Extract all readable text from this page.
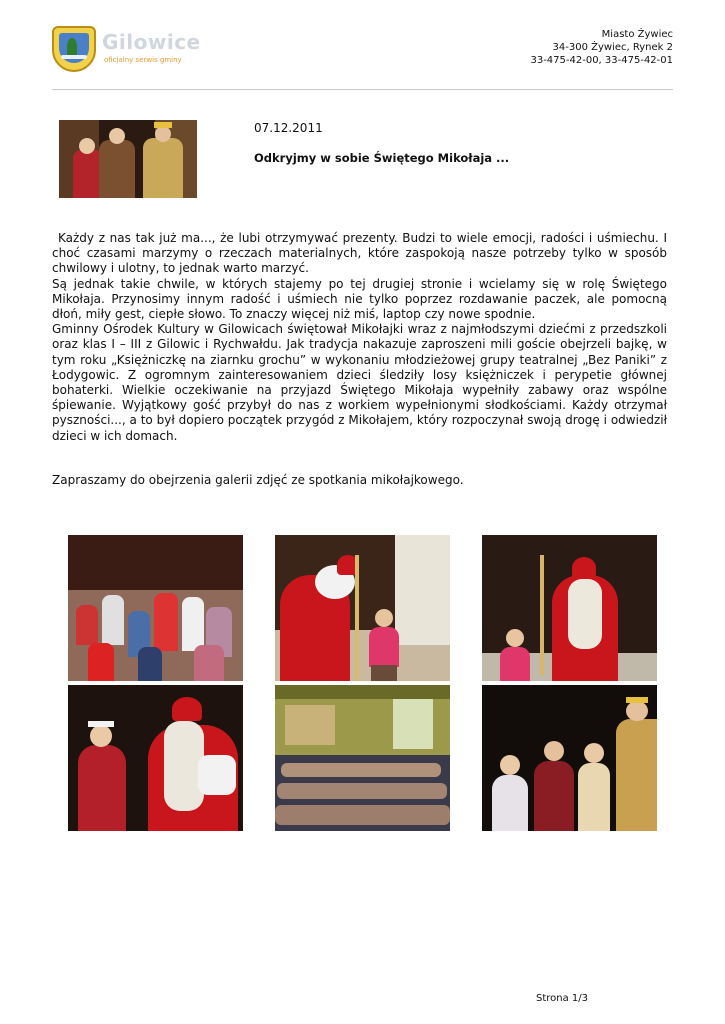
Gilowice
oficjalny serwis gminy
Miasto Żywiec
34-300 Żywiec, Rynek 2
33-475-42-00, 33-475-42-01
07.12.2011
Odkryjmy w sobie Świętego Mikołaja ...

Każdy z nas tak już ma..., że lubi otrzymywać prezenty. Budzi to wiele emocji, radości i uśmiechu. I choć czasami marzymy o rzeczach materialnych, które zaspokoją nasze potrzeby tylko w sposób chwilowy i ulotny, to jednak warto marzyć.

Są jednak takie chwile, w których stajemy po tej drugiej stronie i wcielamy się w rolę Świętego Mikołaja. Przynosimy innym radość i uśmiech nie tylko poprzez rozdawanie paczek, ale pomocną dłoń, miły gest, ciepłe słowo. To znaczy więcej niż miś, laptop czy nowe spodnie.

Gminny Ośrodek Kultury w Gilowicach świętował Mikołajki wraz z najmłodszymi dziećmi z przedszkoli oraz klas I – III z Gilowic i Rychwałdu. Jak tradycja nakazuje zaproszeni mili goście obejrzeli bajkę, w tym roku „Księżniczkę na ziarnku grochu” w wykonaniu młodzieżowej grupy teatralnej „Bez Paniki” z Łodygowic. Z ogromnym zainteresowaniem dzieci śledziły losy księżniczek i perypetie głównej bohaterki. Wielkie oczekiwanie na przyjazd Świętego Mikołaja wypełniły zabawy oraz wspólne śpiewanie. Wyjątkowy gość przybył do nas z workiem wypełnionymi słodkościami. Każdy otrzymał pyszności..., a to był dopiero początek przygód z Mikołajem, który rozpoczynał swoją drogę i odwiedził dzieci w ich domach.

Zapraszamy do obejrzenia galerii zdjęć ze spotkania mikołajkowego.
Strona 1/3
